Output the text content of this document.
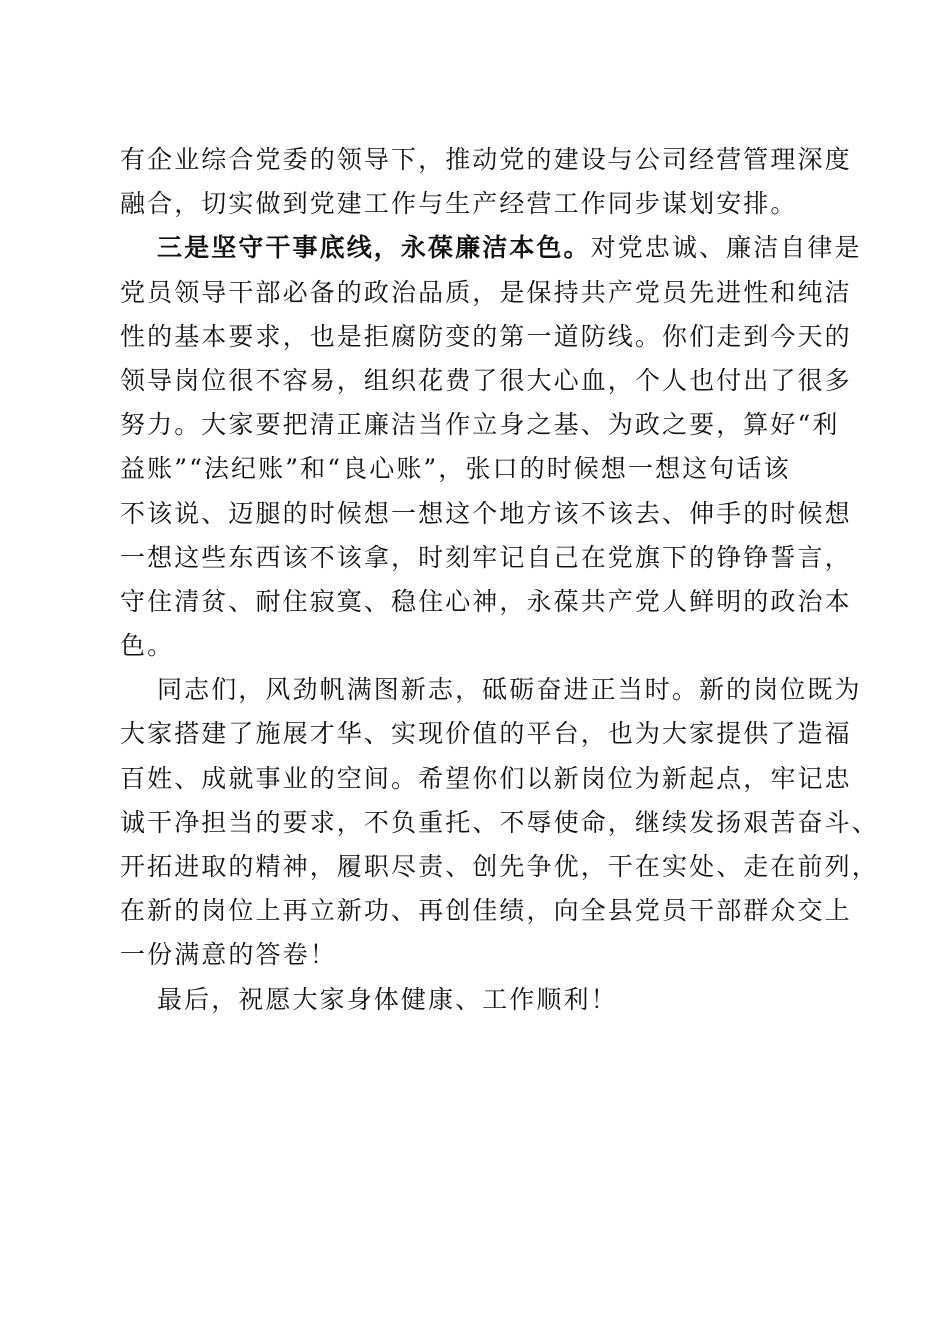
有企业综合党委的领导下，推动党的建设与公司经营管理深度
融合，切实做到党建工作与生产经营工作同步谋划安排。
三是坚守干事底线，永葆廉洁本色。对党忠诚、廉洁自律是
党员领导干部必备的政治品质，是保持共产党员先进性和纯洁
性的基本要求，也是拒腐防变的第一道防线。你们走到今天的
领导岗位很不容易，组织花费了很大心血，个人也付出了很多
努力。大家要把清正廉洁当作立身之基、为政之要，算好“利
益账”“法纪账”和“良心账”，张口的时候想一想这句话该
不该说、迈腿的时候想一想这个地方该不该去、伸手的时候想
一想这些东西该不该拿，时刻牢记自己在党旗下的铮铮誓言，
守住清贫、耐住寂寞、稳住心神，永葆共产党人鲜明的政治本
色。
同志们，风劲帆满图新志，砥砺奋进正当时。新的岗位既为
大家搭建了施展才华、实现价值的平台，也为大家提供了造福
百姓、成就事业的空间。希望你们以新岗位为新起点，牢记忠
诚干净担当的要求，不负重托、不辱使命，继续发扬艰苦奋斗、
开拓进取的精神，履职尽责、创先争优，干在实处、走在前列，
在新的岗位上再立新功、再创佳绩，向全县党员干部群众交上
一份满意的答卷！
最后，祝愿大家身体健康、工作顺利！
